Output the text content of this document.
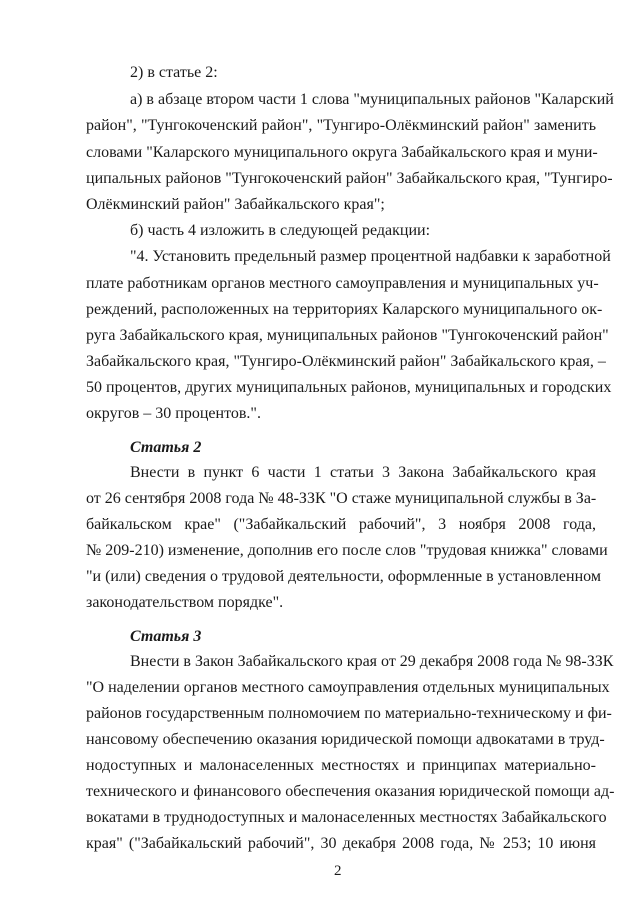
2) в статье 2:
а) в абзаце втором части 1 слова "муниципальных районов "Каларский
район", "Тунгокоченский район", "Тунгиро-Олёкминский район" заменить
словами "Каларского муниципального округа Забайкальского края и муни-
ципальных районов "Тунгокоченский район" Забайкальского края, "Тунгиро-
Олёкминский район" Забайкальского края";
б) часть 4 изложить в следующей редакции:
"4. Установить предельный размер процентной надбавки к заработной
плате работникам органов местного самоуправления и муниципальных уч-
реждений, расположенных на территориях Каларского муниципального ок-
руга Забайкальского края, муниципальных районов "Тунгокоченский район"
Забайкальского края, "Тунгиро-Олёкминский район" Забайкальского края, –
50 процентов, других муниципальных районов, муниципальных и городских
округов – 30 процентов.".
Статья 2
Внести в пункт 6 части 1 статьи 3 Закона Забайкальского края
от 26 сентября 2008 года № 48-ЗЗК "О стаже муниципальной службы в За-
байкальском крае" ("Забайкальский рабочий", 3 ноября 2008 года,
№ 209-210) изменение, дополнив его после слов "трудовая книжка" словами
"и (или) сведения о трудовой деятельности, оформленные в установленном
законодательством порядке".
Статья 3
Внести в Закон Забайкальского края от 29 декабря 2008 года № 98-ЗЗК
"О наделении органов местного самоуправления отдельных муниципальных
районов государственным полномочием по материально-техническому и фи-
нансовому обеспечению оказания юридической помощи адвокатами в труд-
нодоступных и малонаселенных местностях и принципах материально-
технического и финансового обеспечения оказания юридической помощи ад-
вокатами в труднодоступных и малонаселенных местностях Забайкальского
края" ("Забайкальский рабочий", 30 декабря 2008 года, № 253; 10 июня
2
